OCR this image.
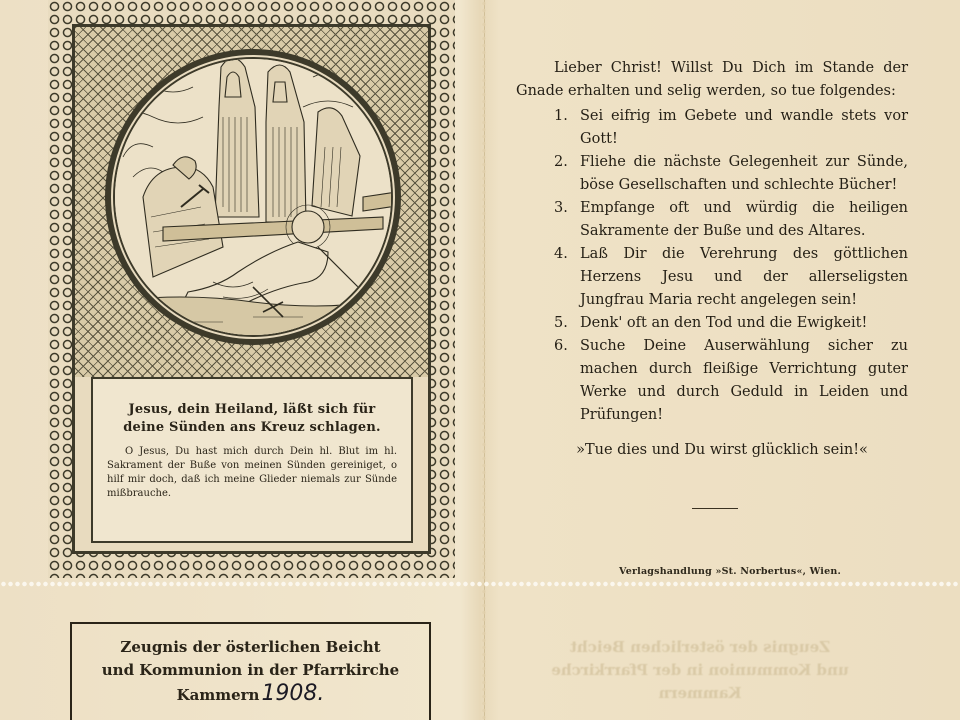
Jesus, dein Heiland, läßt sich für deine Sünden ans Kreuz schlagen.

O Jesus, Du hast mich durch Dein hl. Blut im hl. Sakrament der Buße von meinen Sünden gereiniget, o hilf mir doch, daß ich meine Glieder niemals zur Sünde mißbrauche.

Zeugnis der österlichen Beicht
und Kommunion in der Pfarrkirche
Kammern1908.

Lieber Christ! Willst Du Dich im Stande der Gnade erhalten und selig werden, so tue folgendes:

1. Sei eifrig im Gebete und wandle stets vor Gott!
2. Fliehe die nächste Gelegenheit zur Sünde, böse Gesellschaften und schlechte Bücher!
3. Empfange oft und würdig die heiligen Sakramente der Buße und des Altares.
4. Laß Dir die Verehrung des göttlichen Herzens Jesu und der allerseligsten Jungfrau Maria recht angelegen sein!
5. Denk' oft an den Tod und die Ewigkeit!
6. Suche Deine Auserwählung sicher zu machen durch fleißige Verrichtung guter Werke und durch Geduld in Leiden und Prüfungen!

»Tue dies und Du wirst glücklich sein!«

Verlagshandlung »St. Norbertus«, Wien.
Zeugnis der österlichen Beicht
und Kommunion in der Pfarrkirche
Kammern
